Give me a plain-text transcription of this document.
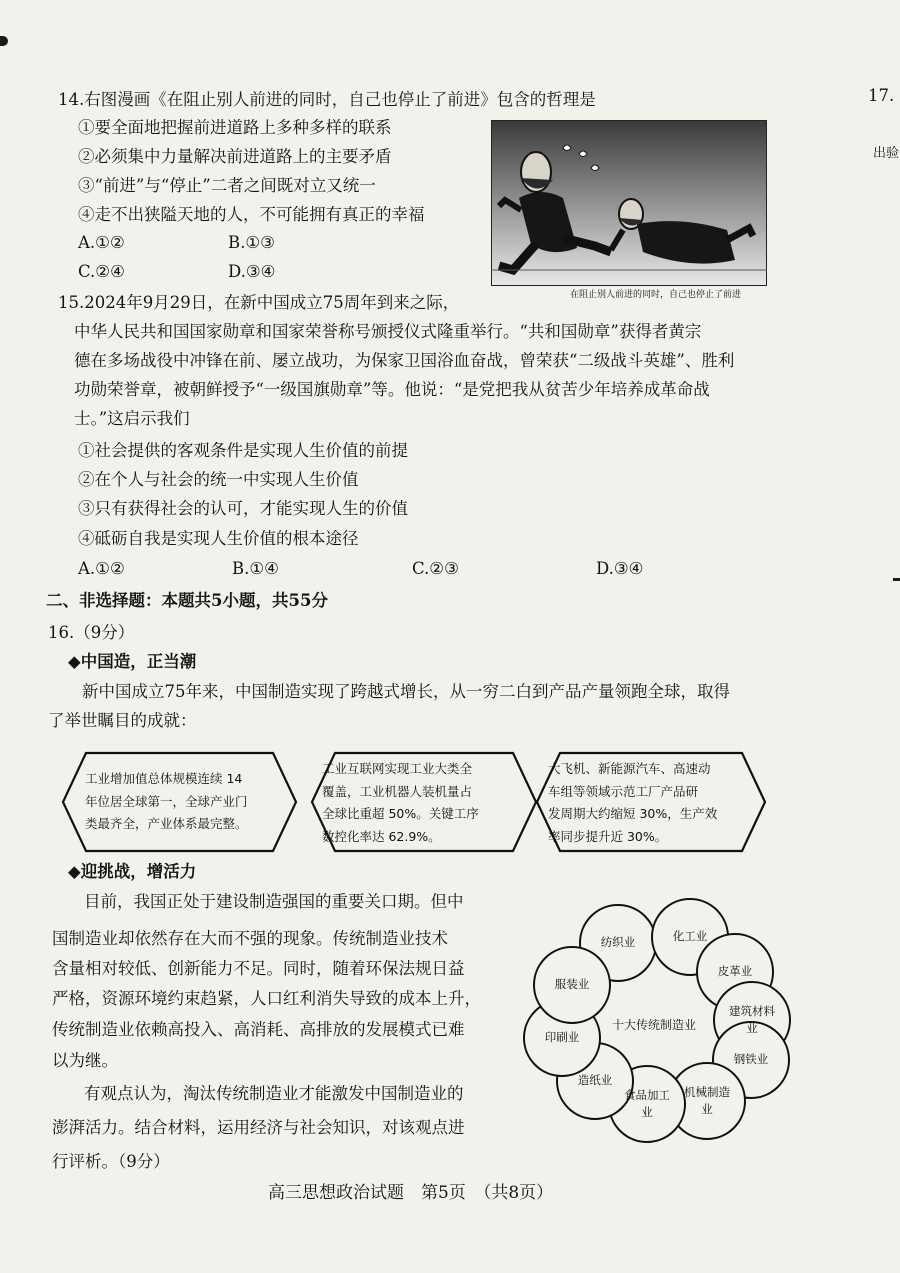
17.
出验
14.右图漫画《在阻止别人前进的同时，自己也停止了前进》包含的哲理是
①要全面地把握前进道路上多种多样的联系
②必须集中力量解决前进道路上的主要矛盾
③“前进”与“停止”二者之间既对立又统一
④走不出狭隘天地的人，不可能拥有真正的幸福
A.①②	B.①③
C.②④	D.③④
在阻止别人前进的同时，自己也停止了前进
15.2024年9月29日，在新中国成立75周年到来之际，
中华人民共和国国家勋章和国家荣誉称号颁授仪式隆重举行。“共和国勋章”获得者黄宗
德在多场战役中冲锋在前、屡立战功，为保家卫国浴血奋战，曾荣获“二级战斗英雄”、胜利
功勋荣誉章，被朝鲜授予“一级国旗勋章”等。他说：“是党把我从贫苦少年培养成革命战
士。”这启示我们
①社会提供的客观条件是实现人生价值的前提
②在个人与社会的统一中实现人生价值
③只有获得社会的认可，才能实现人生的价值
④砥砺自我是实现人生价值的根本途径
A.①②	B.①④	C.②③	D.③④
二、非选择题：本题共5小题，共55分
16.（9分）
◆中国造，正当潮
新中国成立75年来，中国制造实现了跨越式增长，从一穷二白到产品产量领跑全球，取得
了举世瞩目的成就：
工业增加值总体规模连续 14
年位居全球第一，全球产业门
类最齐全，产业体系最完整。
工业互联网实现工业大类全
覆盖，工业机器人装机量占
全球比重超 50%。关键工序
数控化率达 62.9%。
大飞机、新能源汽车、高速动
车组等领域示范工厂产品研
发周期大约缩短 30%，生产效
率同步提升近 30%。
◆迎挑战，增活力
目前，我国正处于建设制造强国的重要关口期。但中
国制造业却依然存在大而不强的现象。传统制造业技术
含量相对较低、创新能力不足。同时，随着环保法规日益
严格，资源环境约束趋紧，人口红利消失导致的成本上升，
传统制造业依赖高投入、高消耗、高排放的发展模式已难
以为继。
有观点认为，淘汰传统制造业才能激发中国制造业的
澎湃活力。结合材料，运用经济与社会知识，对该观点进
行评析。（9分）
纺织业	化工业
皮革业
建筑材料业
钢铁业
机械制造业
食品加工业
造纸业
印刷业
服装业
十大传统制造业
高三思想政治试题　第5页　（共8页）
